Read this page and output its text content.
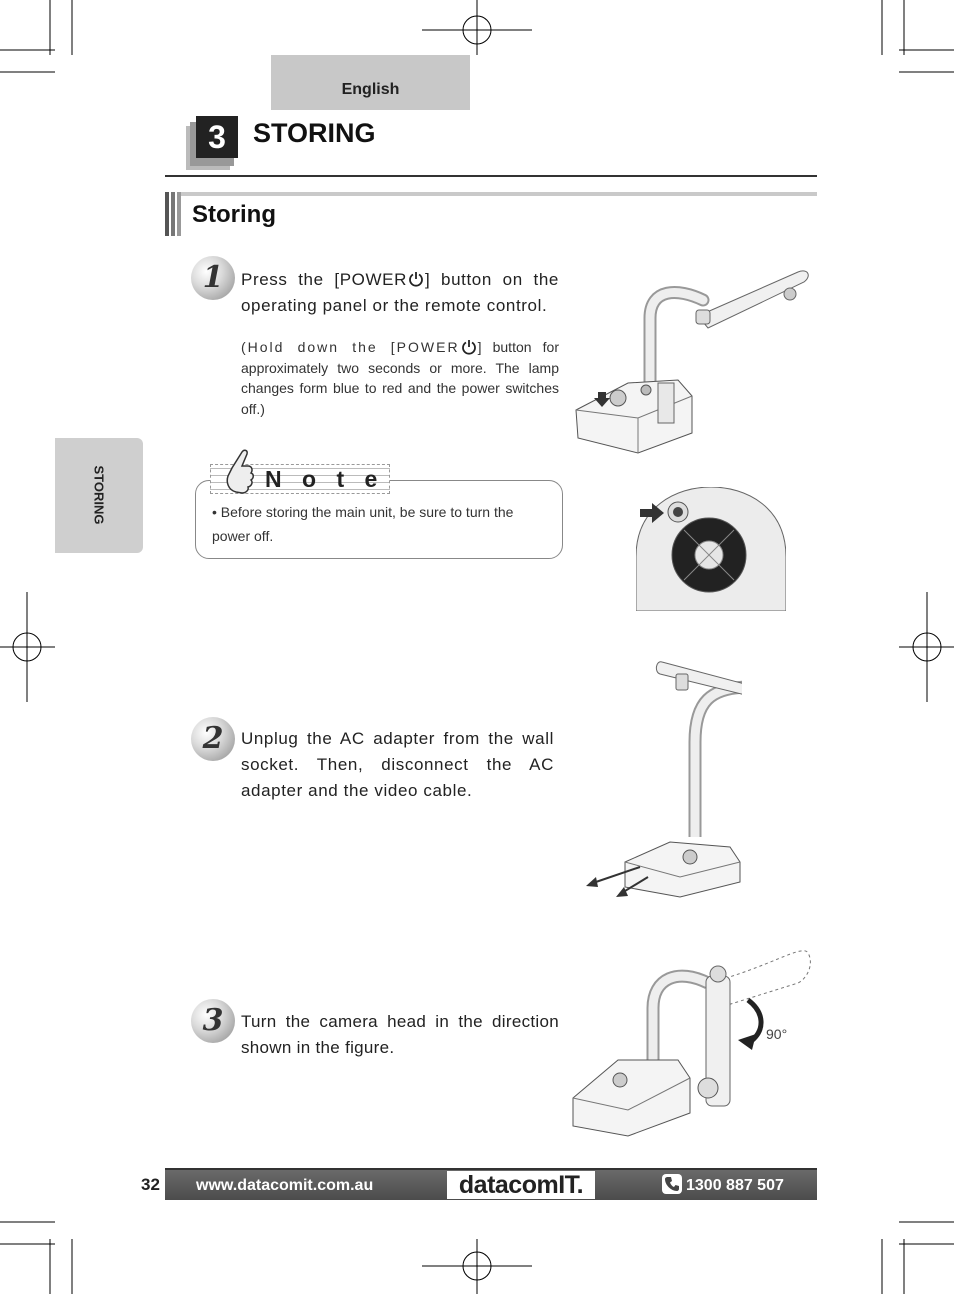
English
STORING
3	STORING
Storing
1	Press the [POWER ] button on the operating panel or the remote control.
(Hold down the [POWER ] button for approximately two seconds or more. The lamp changes form blue to red and the power switches off.)
N o t e
• Before storing the main unit, be sure to turn the power off.
2	Unplug the AC adapter from the wall socket. Then, disconnect the AC adapter and the video cable.
3	Turn the camera head in the direction shown in the figure.
90°
32 www.datacomit.com.au	datacomIT.	1300 887 507
